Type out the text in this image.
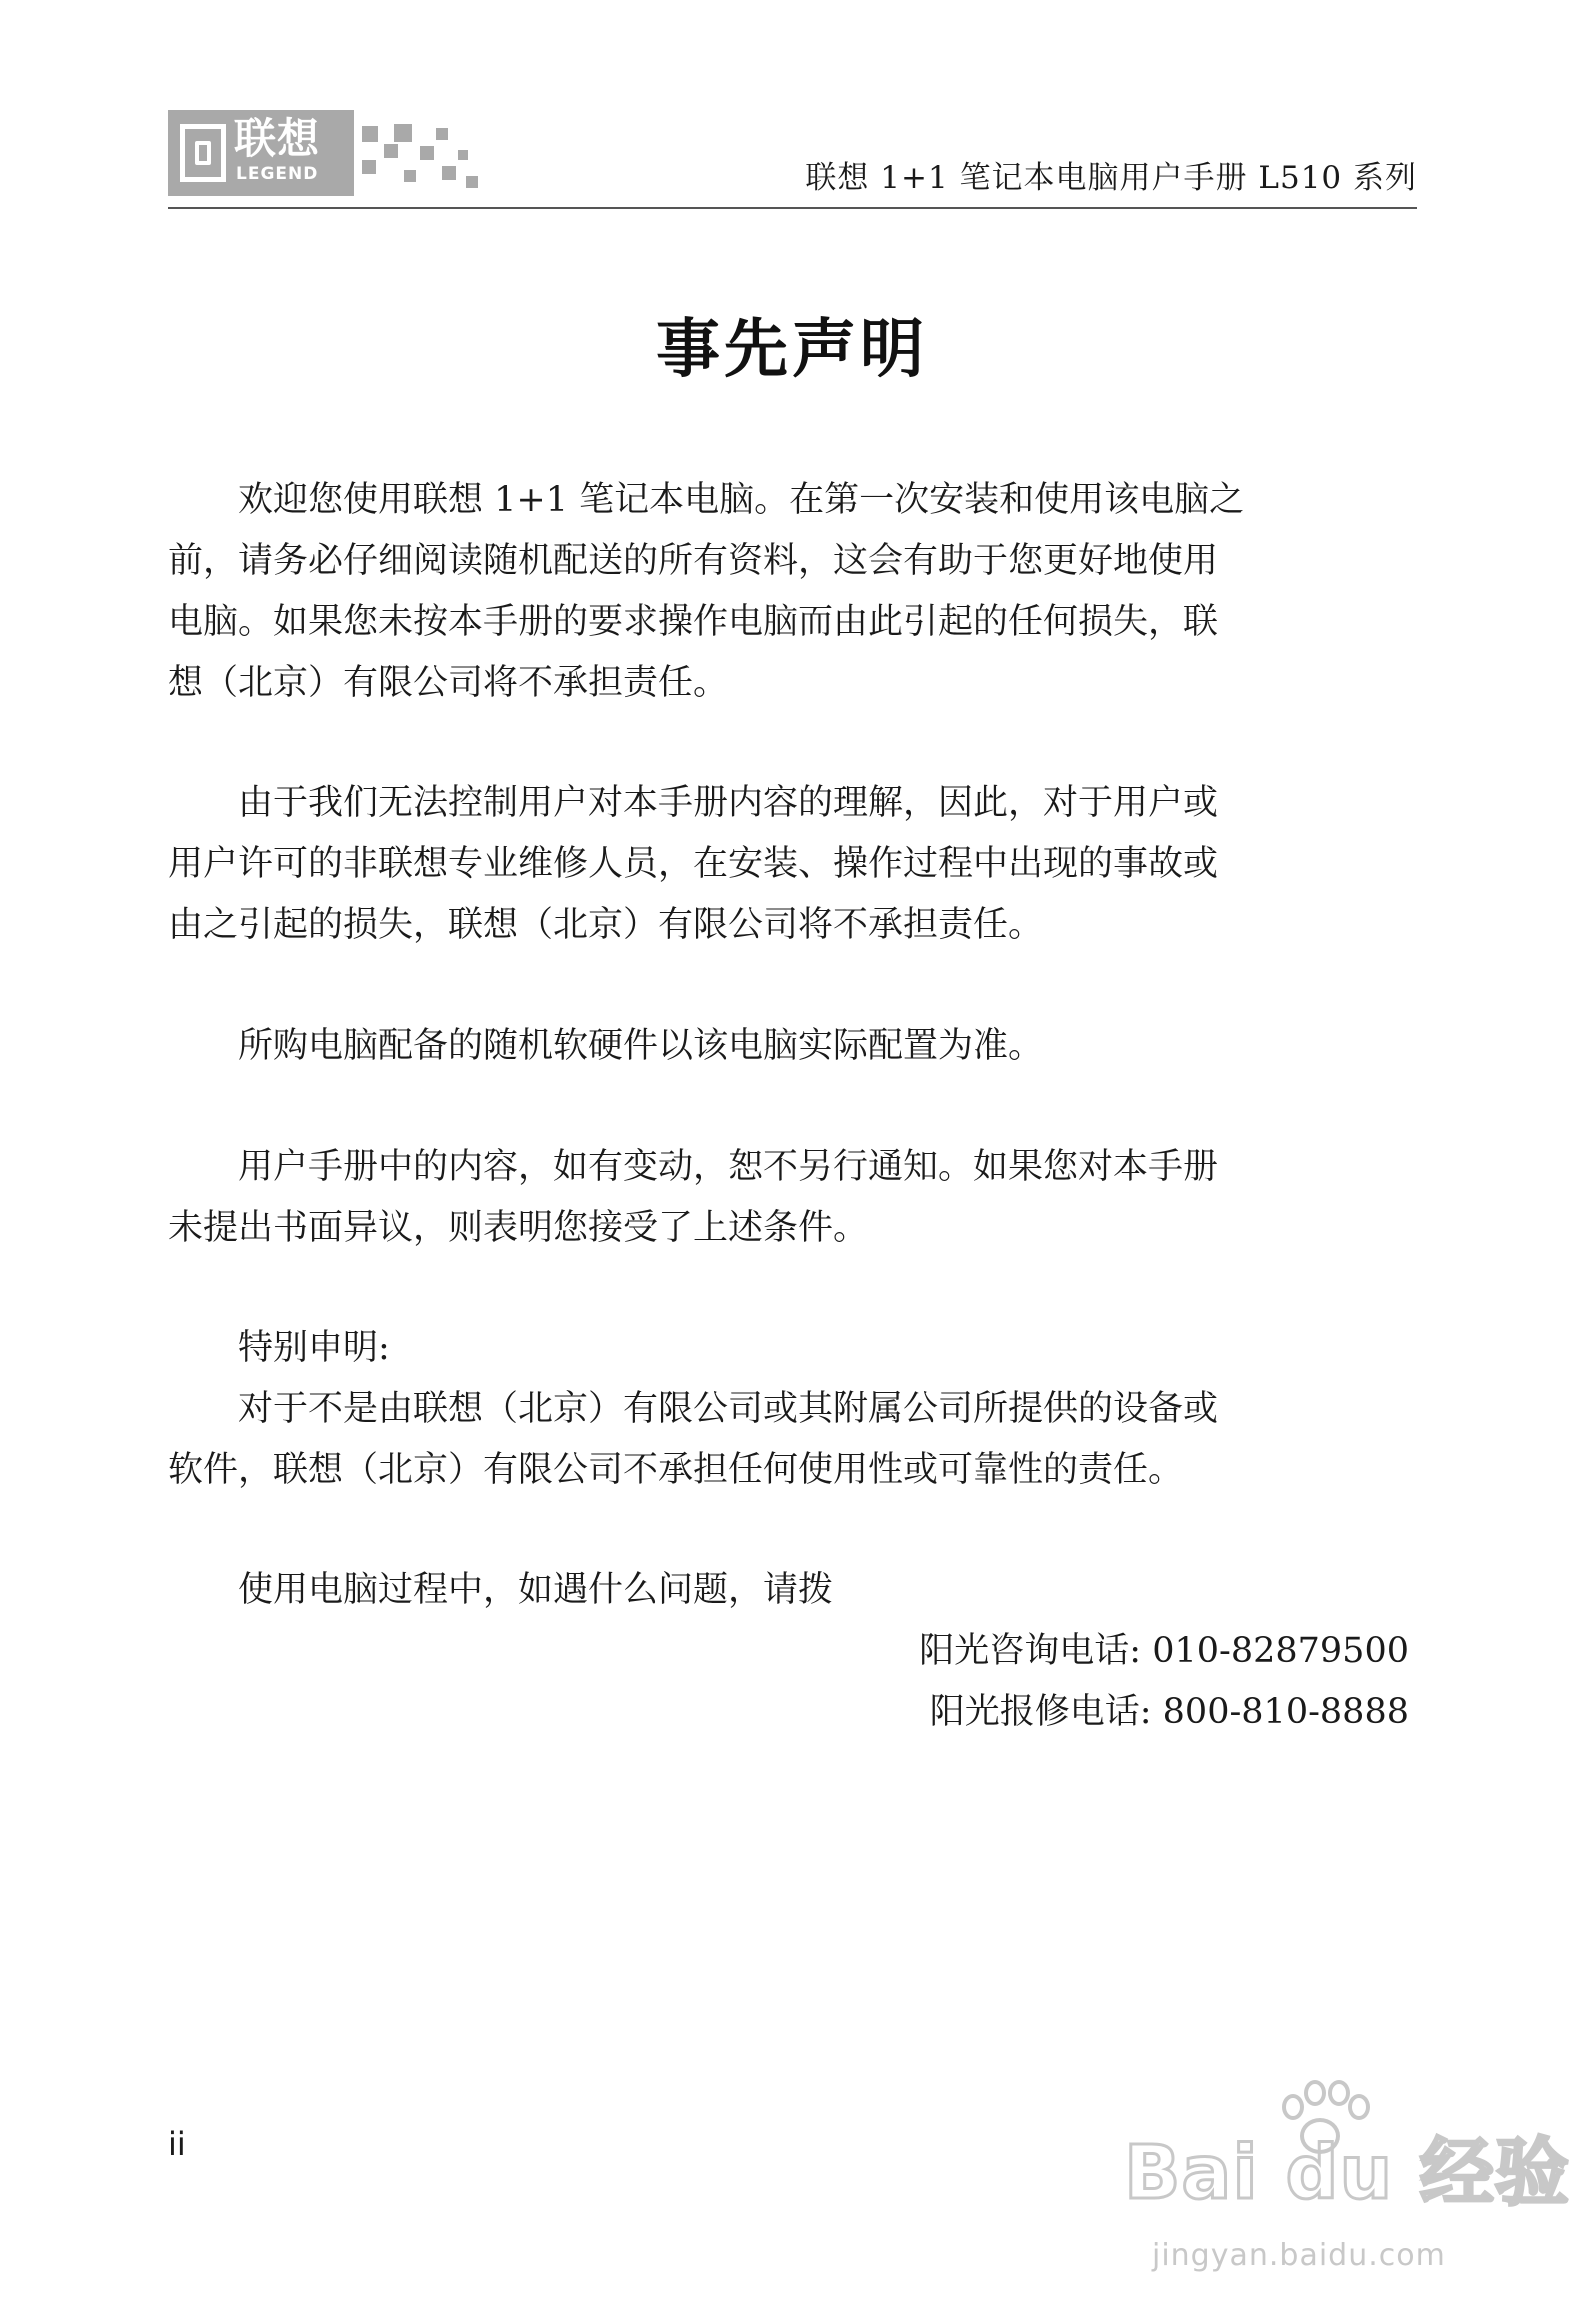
联想
LEGEND	联想 1+1 笔记本电脑用户手册 L510 系列
事先声明
欢迎您使用联想 1+1 笔记本电脑。在第一次安装和使用该电脑之
前，请务必仔细阅读随机配送的所有资料，这会有助于您更好地使用
电脑。如果您未按本手册的要求操作电脑而由此引起的任何损失，联
想（北京）有限公司将不承担责任。
由于我们无法控制用户对本手册内容的理解，因此，对于用户或
用户许可的非联想专业维修人员，在安装、操作过程中出现的事故或
由之引起的损失，联想（北京）有限公司将不承担责任。
所购电脑配备的随机软硬件以该电脑实际配置为准。
用户手册中的内容，如有变动，恕不另行通知。如果您对本手册
未提出书面异议，则表明您接受了上述条件。
特别申明:
对于不是由联想（北京）有限公司或其附属公司所提供的设备或
软件，联想（北京）有限公司不承担任何使用性或可靠性的责任。
使用电脑过程中，如遇什么问题，请拨
阳光咨询电话: 010-82879500
阳光报修电话: 800-810-8888
ii	Bai du 经验
jingyan.baidu.com
